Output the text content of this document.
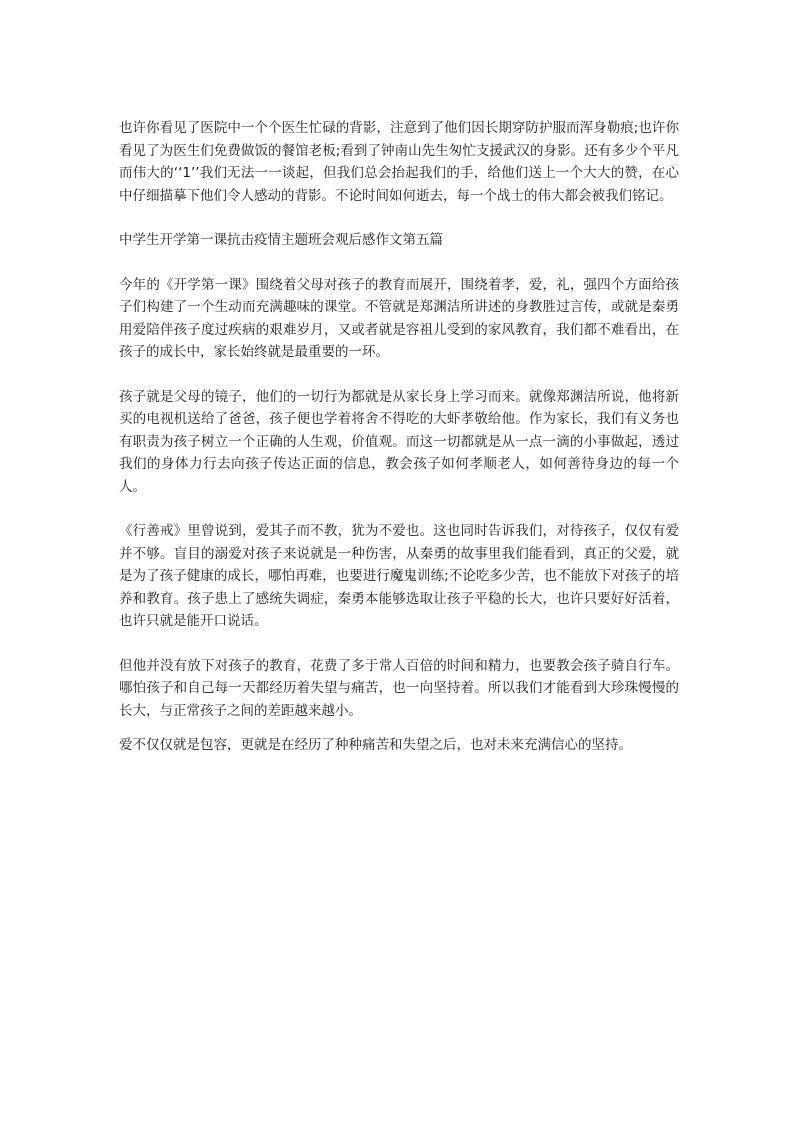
也许你看见了医院中一个个医生忙碌的背影，注意到了他们因长期穿防护服而浑身勒痕;也许你看见了为医生们免费做饭的餐馆老板;看到了钟南山先生匆忙支援武汉的身影。还有多少个平凡而伟大的‘‘1’’我们无法一一谈起，但我们总会抬起我们的手，给他们送上一个大大的赞，在心中仔细描摹下他们令人感动的背影。不论时间如何逝去，每一个战士的伟大都会被我们铭记。

中学生开学第一课抗击疫情主题班会观后感作文第五篇

今年的《开学第一课》围绕着父母对孩子的教育而展开，围绕着孝，爱，礼，强四个方面给孩子们构建了一个生动而充满趣味的课堂。不管就是郑渊洁所讲述的身教胜过言传，或就是秦勇用爱陪伴孩子度过疾病的艰难岁月，又或者就是容祖儿受到的家风教育，我们都不难看出，在孩子的成长中，家长始终就是最重要的一环。

孩子就是父母的镜子，他们的一切行为都就是从家长身上学习而来。就像郑渊洁所说，他将新买的电视机送给了爸爸，孩子便也学着将舍不得吃的大虾孝敬给他。作为家长，我们有义务也有职责为孩子树立一个正确的人生观，价值观。而这一切都就是从一点一滴的小事做起，透过我们的身体力行去向孩子传达正面的信息，教会孩子如何孝顺老人，如何善待身边的每一个人。

《行善戒》里曾说到，爱其子而不教，犹为不爱也。这也同时告诉我们，对待孩子，仅仅有爱并不够。盲目的溺爱对孩子来说就是一种伤害，从秦勇的故事里我们能看到，真正的父爱，就是为了孩子健康的成长，哪怕再难，也要进行魔鬼训练;不论吃多少苦，也不能放下对孩子的培养和教育。孩子患上了感统失调症，秦勇本能够选取让孩子平稳的长大，也许只要好好活着，也许只就是能开口说话。

但他并没有放下对孩子的教育，花费了多于常人百倍的时间和精力，也要教会孩子骑自行车。哪怕孩子和自己每一天都经历着失望与痛苦，也一向坚持着。所以我们才能看到大珍珠慢慢的长大，与正常孩子之间的差距越来越小。

爱不仅仅就是包容，更就是在经历了种种痛苦和失望之后，也对未来充满信心的坚持。
